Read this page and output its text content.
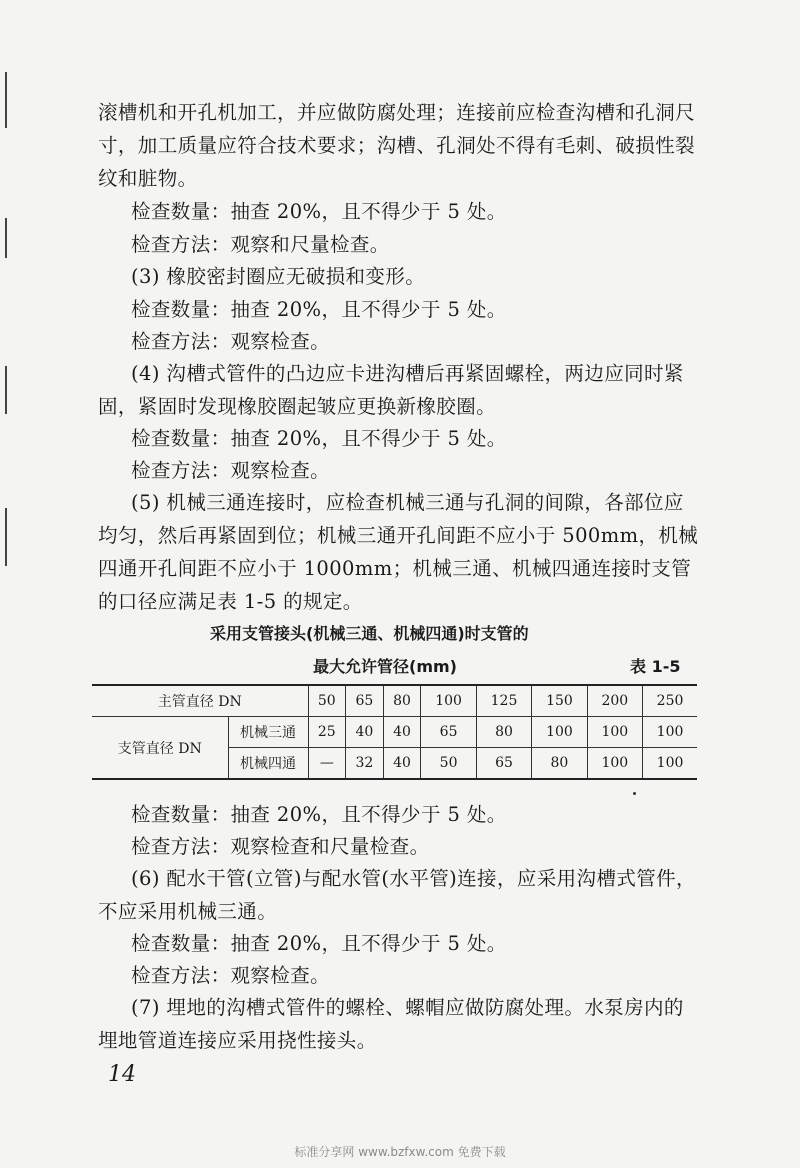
滚槽机和开孔机加工，并应做防腐处理；连接前应检查沟槽和孔洞尺寸，加工质量应符合技术要求；沟槽、孔洞处不得有毛刺、破损性裂纹和脏物。

检查数量：抽查 20%，且不得少于 5 处。

检查方法：观察和尺量检查。

(3) 橡胶密封圈应无破损和变形。

检查数量：抽查 20%，且不得少于 5 处。

检查方法：观察检查。

(4) 沟槽式管件的凸边应卡进沟槽后再紧固螺栓，两边应同时紧固，紧固时发现橡胶圈起皱应更换新橡胶圈。

检查数量：抽查 20%，且不得少于 5 处。

检查方法：观察检查。

(5) 机械三通连接时，应检查机械三通与孔洞的间隙，各部位应均匀，然后再紧固到位；机械三通开孔间距不应小于 500mm，机械四通开孔间距不应小于 1000mm；机械三通、机械四通连接时支管的口径应满足表 1-5 的规定。

采用支管接头(机械三通、机械四通)时支管的
最大允许管径(mm)	表 1-5
主管直径 DN		50	65	80	100	125	150	200	250
支管直径 DN	机械三通	25	40	40	65	80	100	100	100
	机械四通	—	32	40	50	65	80	100	100

检查数量：抽查 20%，且不得少于 5 处。

检查方法：观察检查和尺量检查。

(6) 配水干管(立管)与配水管(水平管)连接，应采用沟槽式管件，不应采用机械三通。

检查数量：抽查 20%，且不得少于 5 处。

检查方法：观察检查。

(7) 埋地的沟槽式管件的螺栓、螺帽应做防腐处理。水泵房内的埋地管道连接应采用挠性接头。

14
标准分享网 www.bzfxw.com 免费下载
